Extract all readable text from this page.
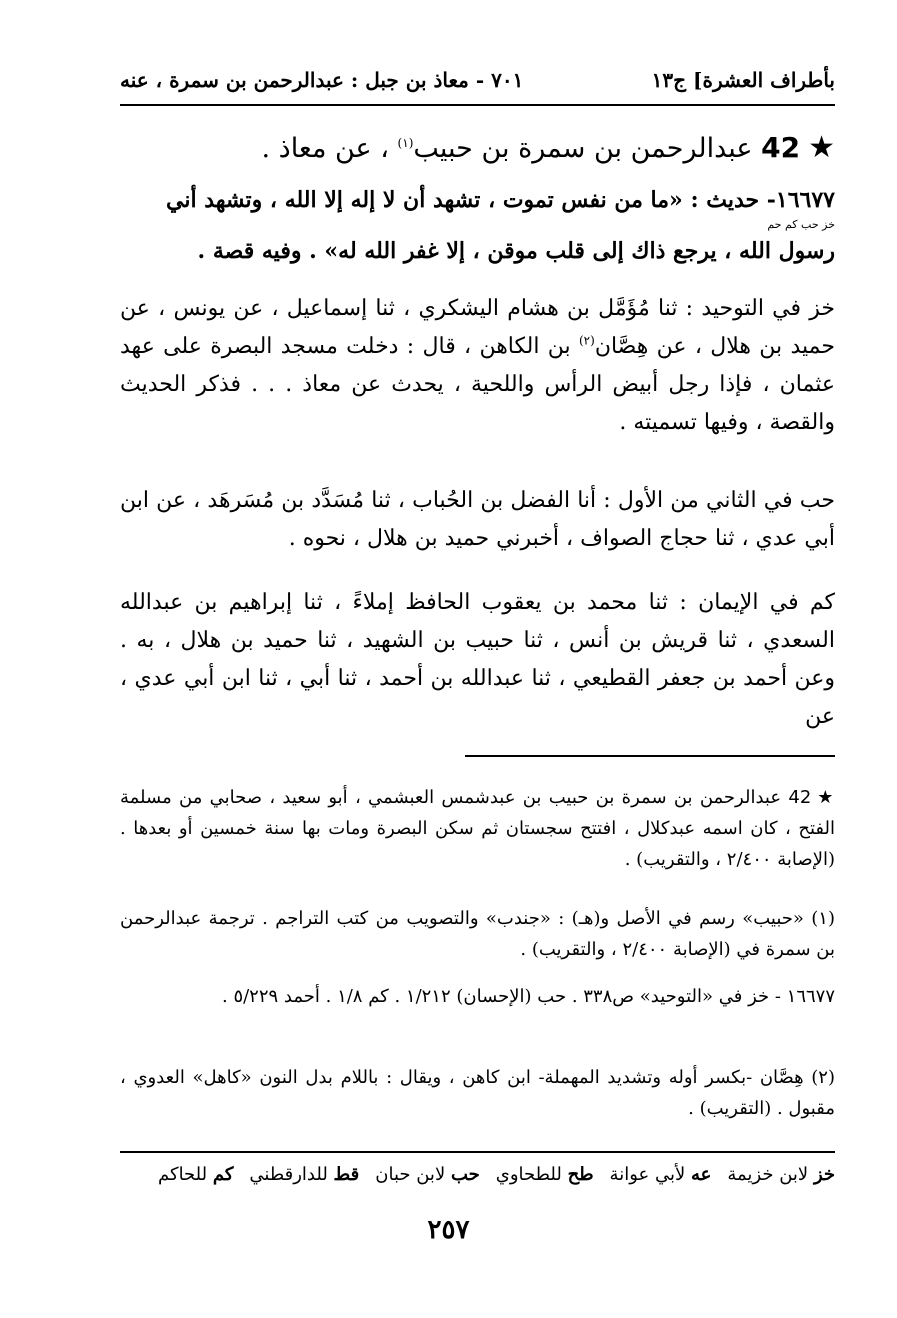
بأطراف العشرة] ج١٣
٧٠١ - معاذ بن جبل : عبدالرحمن بن سمرة ، عنه
★42 عبدالرحمن بن سمرة بن حبيب$^{(١)}$ ، عن معاذ .
١٦٦٧٧- حديث : «ما من نفس تموت ، تشهد أن لا إله إلا الله ، وتشهد أني
خز حب كم حم
رسول الله ، يرجع ذاك إلى قلب موقن ، إلا غفر الله له» . وفيه قصة .
خز في التوحيد : ثنا مُؤَمَّل بن هشام اليشكري ، ثنا إسماعيل ، عن يونس ، عن حميد بن هلال ، عن هِصَّان$^{(٢)}$ بن الكاهن ، قال : دخلت مسجد البصرة على عهد عثمان ، فإذا رجل أبيض الرأس واللحية ، يحدث عن معاذ . . . فذكر الحديث والقصة ، وفيها تسميته .
حب في الثاني من الأول : أنا الفضل بن الحُباب ، ثنا مُسَدَّد بن مُسَرهَد ، عن ابن أبي عدي ، ثنا حجاج الصواف ، أخبرني حميد بن هلال ، نحوه .
كم في الإيمان : ثنا محمد بن يعقوب الحافظ إملاءً ، ثنا إبراهيم بن عبدالله السعدي ، ثنا قريش بن أنس ، ثنا حبيب بن الشهيد ، ثنا حميد بن هلال ، به . وعن أحمد بن جعفر القطيعي ، ثنا عبدالله بن أحمد ، ثنا أبي ، ثنا ابن أبي عدي ، عن
★42 عبدالرحمن بن سمرة بن حبيب بن عبدشمس العبشمي ، أبو سعيد ، صحابي من مسلمة الفتح ، كان اسمه عبدكلال ، افتتح سجستان ثم سكن البصرة ومات بها سنة خمسين أو بعدها . (الإصابة ٢/٤٠٠ ، والتقريب) .
(١) «حبيب» رسم في الأصل و(هـ) : «جندب» والتصويب من كتب التراجم . ترجمة عبدالرحمن بن سمرة في (الإصابة ٢/٤٠٠ ، والتقريب) .
١٦٦٧٧ - خز في «التوحيد» ص٣٣٨ . حب (الإحسان) ١/٢١٢ . كم ١/٨ . أحمد ٥/٢٢٩ .
(٢) هِصَّان -بكسر أوله وتشديد المهملة- ابن كاهن ، ويقال : باللام بدل النون «كاهل» العدوي ، مقبول . (التقريب) .
خز لابن خزيمة
عه لأبي عوانة
طح للطحاوي
حب لابن حبان
قط للدارقطني
كم للحاكم
٢٥٧
